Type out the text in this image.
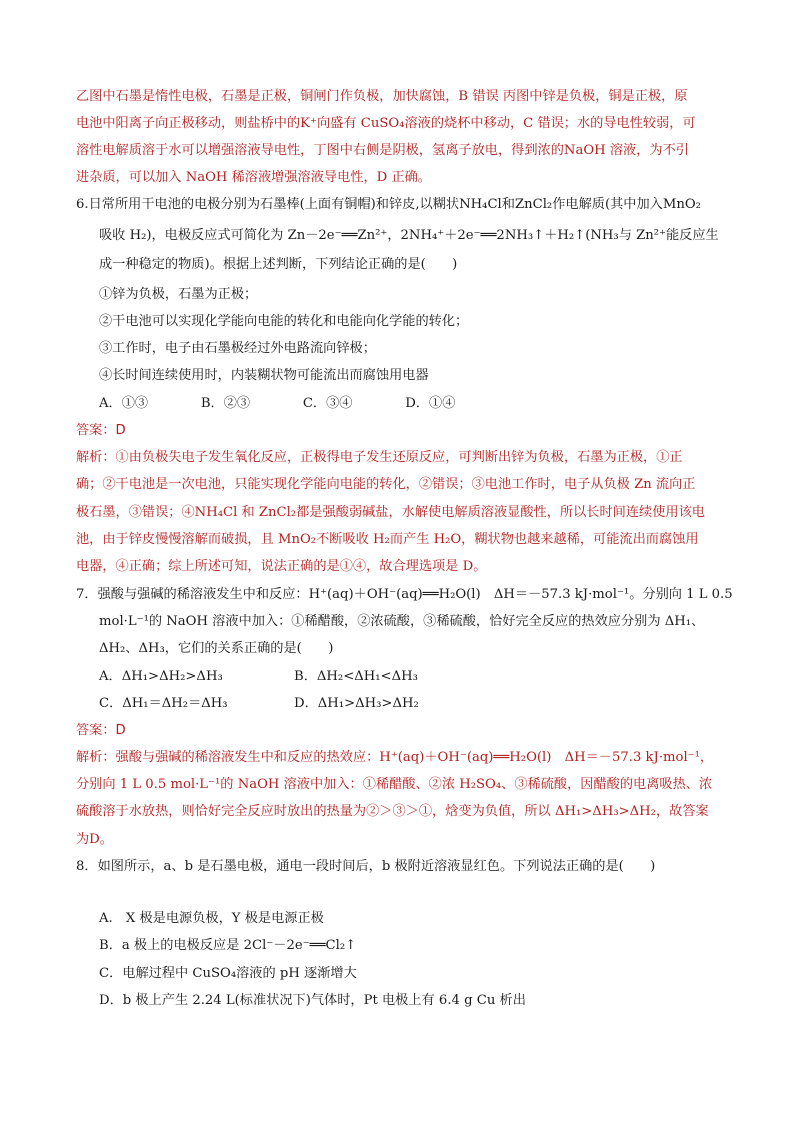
乙图中石墨是惰性电极，石墨是正极，铜闸门作负极，加快腐蚀，B 错误 丙图中锌是负极，铜是正极，原
电池中阳离子向正极移动，则盐桥中的K⁺向盛有 CuSO₄溶液的烧杯中移动，C 错误；水的导电性较弱，可
溶性电解质溶于水可以增强溶液导电性，丁图中右侧是阴极，氢离子放电，得到浓的NaOH 溶液，为不引
进杂质，可以加入 NaOH 稀溶液增强溶液导电性，D 正确。
6.日常所用干电池的电极分别为石墨棒(上面有铜帽)和锌皮,以糊状NH₄Cl和ZnCl₂作电解质(其中加入MnO₂
吸收 H₂)，电极反应式可简化为 Zn－2e⁻══Zn²⁺，2NH₄⁺＋2e⁻══2NH₃↑＋H₂↑(NH₃与 Zn²⁺能反应生
成一种稳定的物质)。根据上述判断，下列结论正确的是(　　)
①锌为负极，石墨为正极；
②干电池可以实现化学能向电能的转化和电能向化学能的转化；
③工作时，电子由石墨极经过外电路流向锌极；
④长时间连续使用时，内装糊状物可能流出而腐蚀用电器
A．①③　　　　B．②③　　　　C．③④　　　　D．①④
答案：D
解析：①由负极失电子发生氧化反应，正极得电子发生还原反应，可判断出锌为负极，石墨为正极，①正
确；②干电池是一次电池，只能实现化学能向电能的转化，②错误；③电池工作时，电子从负极 Zn 流向正
极石墨，③错误；④NH₄Cl 和 ZnCl₂都是强酸弱碱盐，水解使电解质溶液显酸性，所以长时间连续使用该电
池，由于锌皮慢慢溶解而破损，且 MnO₂不断吸收 H₂而产生 H₂O，糊状物也越来越稀，可能流出而腐蚀用
电器，④正确；综上所述可知，说法正确的是①④，故合理选项是 D。
7．强酸与强碱的稀溶液发生中和反应：H⁺(aq)＋OH⁻(aq)══H₂O(l)　ΔH＝－57.3 kJ·mol⁻¹。分别向 1 L 0.5
mol·L⁻¹的 NaOH 溶液中加入：①稀醋酸，②浓硫酸，③稀硫酸，恰好完全反应的热效应分别为 ΔH₁、
ΔH₂、ΔH₃，它们的关系正确的是(　　)
A．ΔH₁>ΔH₂>ΔH₃	B．ΔH₂<ΔH₁<ΔH₃
C．ΔH₁＝ΔH₂＝ΔH₃	D．ΔH₁>ΔH₃>ΔH₂
答案：D
解析：强酸与强碱的稀溶液发生中和反应的热效应：H⁺(aq)＋OH⁻(aq)══H₂O(l)　ΔH＝－57.3 kJ·mol⁻¹，
分别向 1 L 0.5 mol·L⁻¹的 NaOH 溶液中加入：①稀醋酸、②浓 H₂SO₄、③稀硫酸，因醋酸的电离吸热、浓
硫酸溶于水放热，则恰好完全反应时放出的热量为②＞③＞①，焓变为负值，所以 ΔH₁>ΔH₃>ΔH₂，故答案
为D。
8．如图所示，a、b 是石墨电极，通电一段时间后，b 极附近溶液显红色。下列说法正确的是(　　)
A.　X 极是电源负极，Y 极是电源正极
B．a 极上的电极反应是 2Cl⁻－2e⁻══Cl₂↑
C．电解过程中 CuSO₄溶液的 pH 逐渐增大
D．b 极上产生 2.24 L(标准状况下)气体时，Pt 电极上有 6.4 g Cu 析出
